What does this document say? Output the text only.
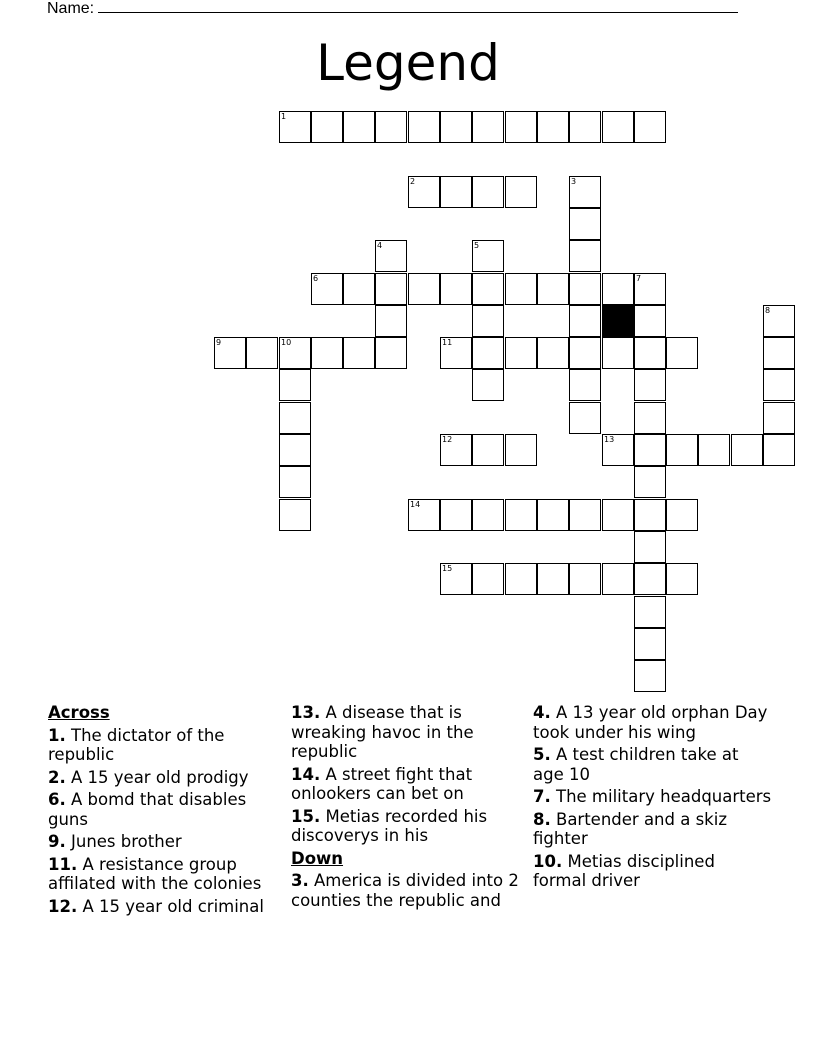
Name:
Legend
1
2	3
4	5
6	7
8
9	10	11
12	13
14
15
Across
1. The dictator of the republic
2. A 15 year old prodigy
6. A bomd that disables guns
9. Junes brother
11. A resistance group affilated with the colonies
12. A 15 year old criminal
13. A disease that is wreaking havoc in the republic
14. A street fight that onlookers can bet on
15. Metias recorded his discoverys in his
Down
3. America is divided into 2 counties the republic and
4. A 13 year old orphan Day took under his wing
5. A test children take at age 10
7. The military headquarters
8. Bartender and a skiz fighter
10. Metias disciplined formal driver
